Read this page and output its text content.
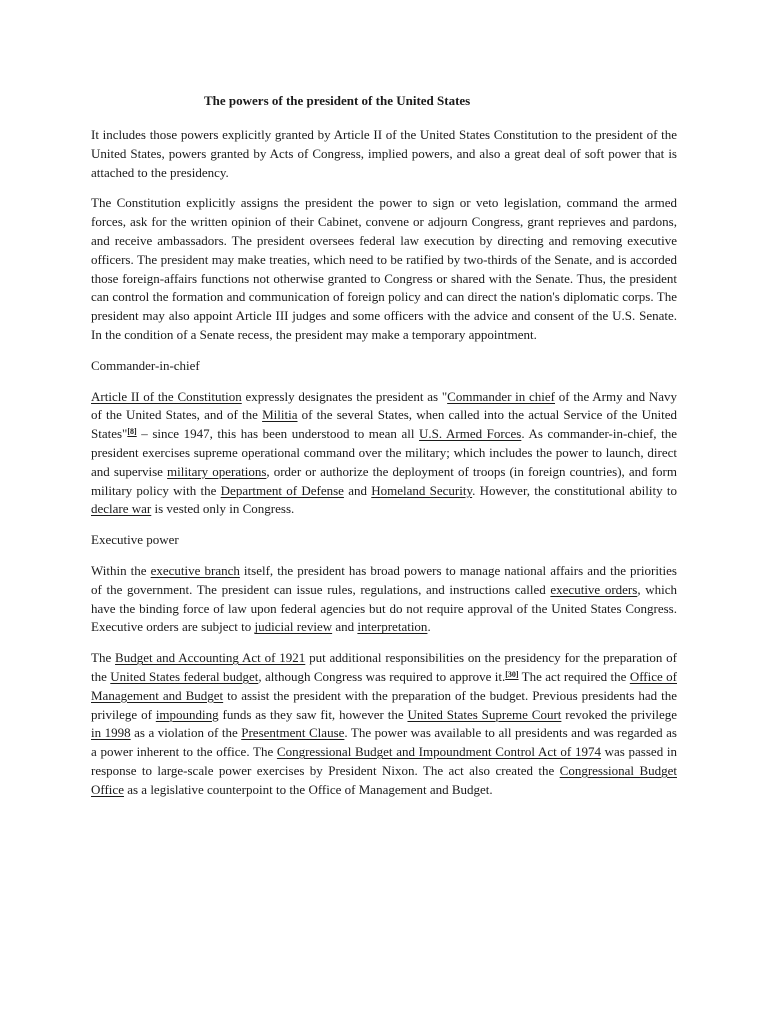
The powers of the president of the United States

It includes those powers explicitly granted by Article II of the United States Constitution to the president of the United States, powers granted by Acts of Congress, implied powers, and also a great deal of soft power that is attached to the presidency.

The Constitution explicitly assigns the president the power to sign or veto legislation, command the armed forces, ask for the written opinion of their Cabinet, convene or adjourn Congress, grant reprieves and pardons, and receive ambassadors. The president oversees federal law execution by directing and removing executive officers. The president may make treaties, which need to be ratified by two-thirds of the Senate, and is accorded those foreign-affairs functions not otherwise granted to Congress or shared with the Senate. Thus, the president can control the formation and communication of foreign policy and can direct the nation's diplomatic corps. The president may also appoint Article III judges and some officers with the advice and consent of the U.S. Senate. In the condition of a Senate recess, the president may make a temporary appointment.

Commander-in-chief

Article II of the Constitution expressly designates the president as "Commander in chief of the Army and Navy of the United States, and of the Militia of the several States, when called into the actual Service of the United States"[8] – since 1947, this has been understood to mean all U.S. Armed Forces. As commander-in-chief, the president exercises supreme operational command over the military; which includes the power to launch, direct and supervise military operations, order or authorize the deployment of troops (in foreign countries), and form military policy with the Department of Defense and Homeland Security. However, the constitutional ability to declare war is vested only in Congress.

Executive power

Within the executive branch itself, the president has broad powers to manage national affairs and the priorities of the government. The president can issue rules, regulations, and instructions called executive orders, which have the binding force of law upon federal agencies but do not require approval of the United States Congress. Executive orders are subject to judicial review and interpretation.

The Budget and Accounting Act of 1921 put additional responsibilities on the presidency for the preparation of the United States federal budget, although Congress was required to approve it.[30] The act required the Office of Management and Budget to assist the president with the preparation of the budget. Previous presidents had the privilege of impounding funds as they saw fit, however the United States Supreme Court revoked the privilege in 1998 as a violation of the Presentment Clause. The power was available to all presidents and was regarded as a power inherent to the office. The Congressional Budget and Impoundment Control Act of 1974 was passed in response to large-scale power exercises by President Nixon. The act also created the Congressional Budget Office as a legislative counterpoint to the Office of Management and Budget.
